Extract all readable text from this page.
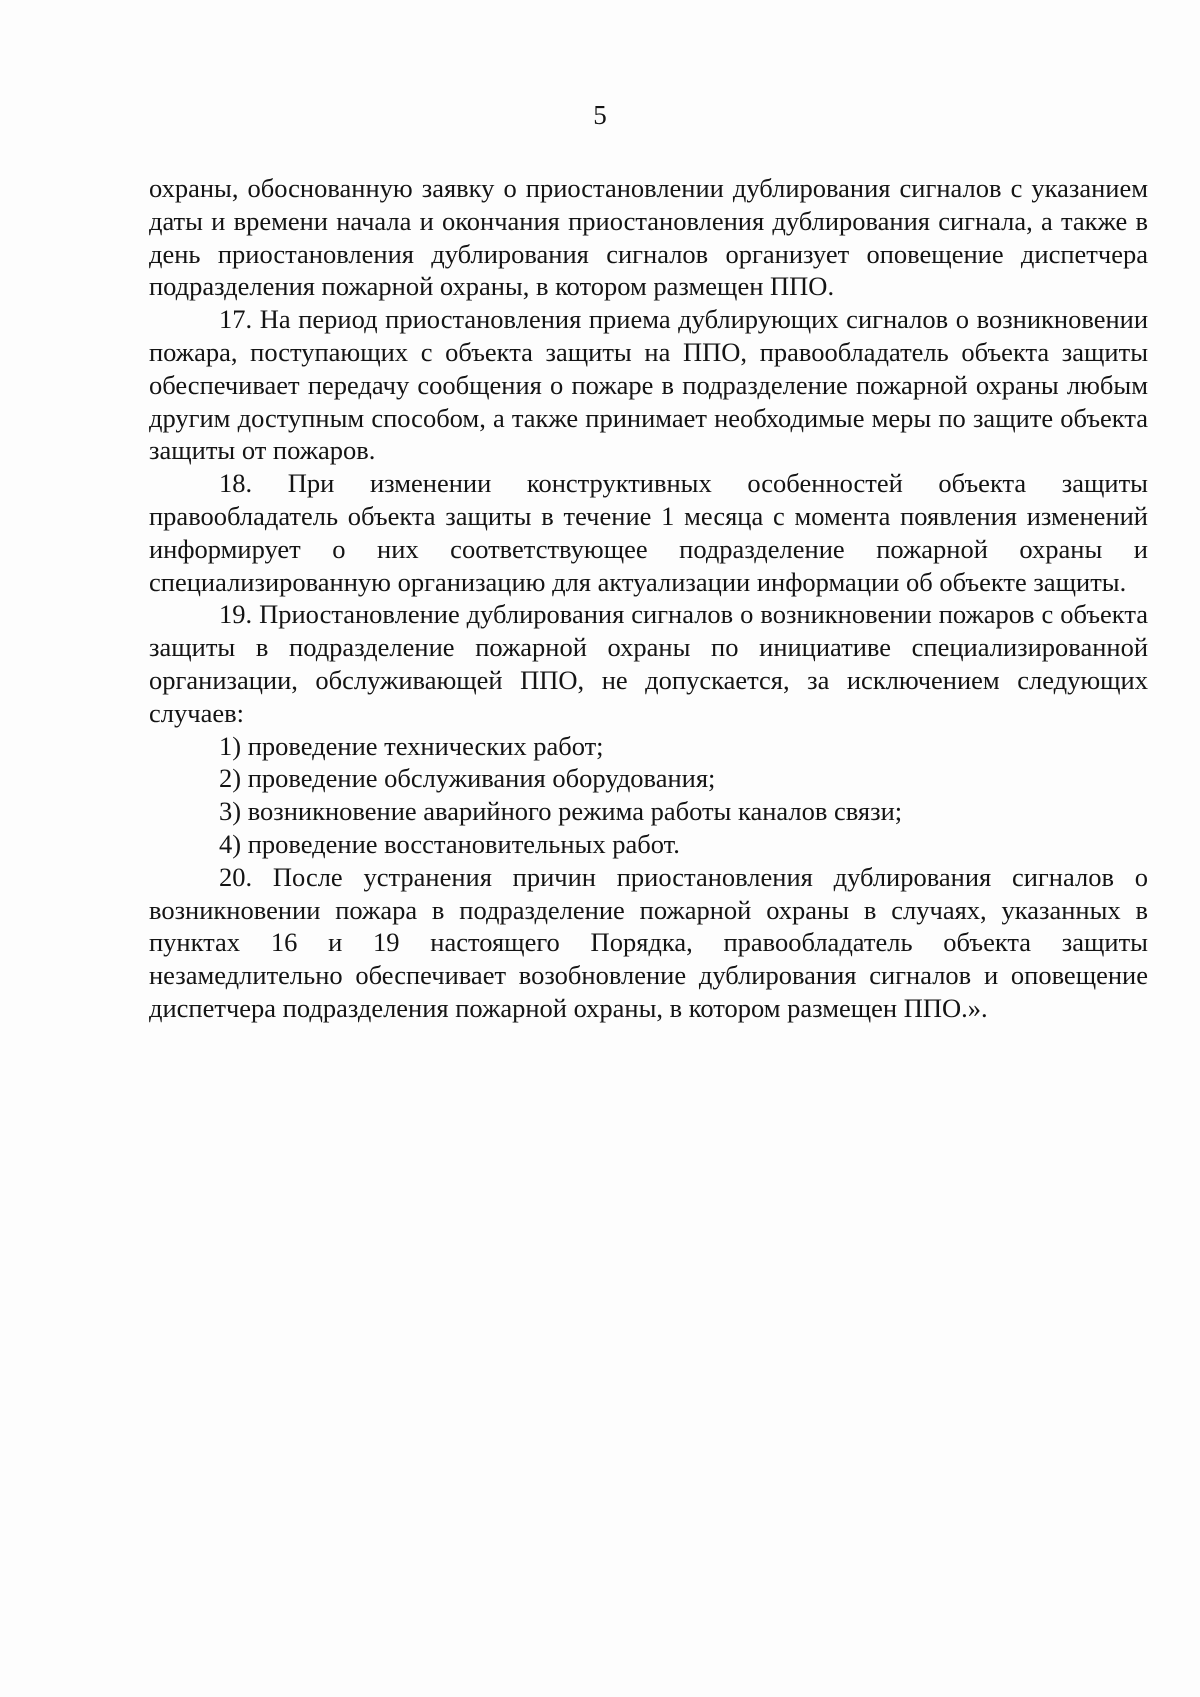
5

охраны, обоснованную заявку о приостановлении дублирования сигналов с указанием даты и времени начала и окончания приостановления дублирования сигнала, а также в день приостановления дублирования сигналов организует оповещение диспетчера подразделения пожарной охраны, в котором размещен ППО.

17. На период приостановления приема дублирующих сигналов о возникновении пожара, поступающих с объекта защиты на ППО, правообладатель объекта защиты обеспечивает передачу сообщения о пожаре в подразделение пожарной охраны любым другим доступным способом, а также принимает необходимые меры по защите объекта защиты от пожаров.

18. При изменении конструктивных особенностей объекта защиты правообладатель объекта защиты в течение 1 месяца с момента появления изменений информирует о них соответствующее подразделение пожарной охраны и специализированную организацию для актуализации информации об объекте защиты.

19. Приостановление дублирования сигналов о возникновении пожаров с объекта защиты в подразделение пожарной охраны по инициативе специализированной организации, обслуживающей ППО, не допускается, за исключением следующих случаев:

1) проведение технических работ;

2) проведение обслуживания оборудования;

3) возникновение аварийного режима работы каналов связи;

4) проведение восстановительных работ.

20. После устранения причин приостановления дублирования сигналов о возникновении пожара в подразделение пожарной охраны в случаях, указанных в пунктах 16 и 19 настоящего Порядка, правообладатель объекта защиты незамедлительно обеспечивает возобновление дублирования сигналов и оповещение диспетчера подразделения пожарной охраны, в котором размещен ППО.».
